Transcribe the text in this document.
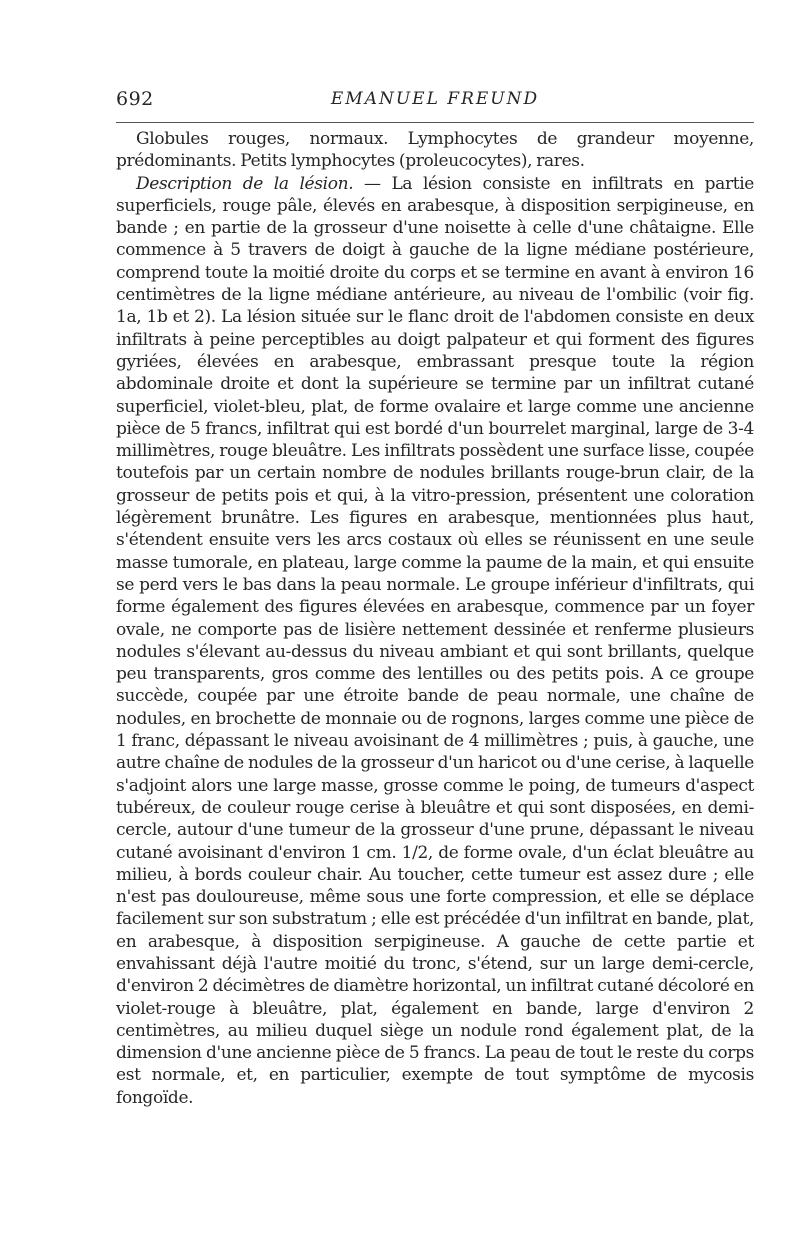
692	EMANUEL FREUND

Globules rouges, normaux. Lymphocytes de grandeur moyenne, prédominants. Petits lymphocytes (proleucocytes), rares.

Description de la lésion. — La lésion consiste en infiltrats en partie superficiels, rouge pâle, élevés en arabesque, à disposition serpigineuse, en bande ; en partie de la grosseur d'une noisette à celle d'une châtaigne. Elle commence à 5 travers de doigt à gauche de la ligne médiane postérieure, comprend toute la moitié droite du corps et se termine en avant à environ 16 centimètres de la ligne médiane antérieure, au niveau de l'ombilic (voir fig. 1a, 1b et 2). La lésion située sur le flanc droit de l'abdomen consiste en deux infiltrats à peine perceptibles au doigt palpateur et qui forment des figures gyriées, élevées en arabesque, embrassant presque toute la région abdominale droite et dont la supérieure se termine par un infiltrat cutané superficiel, violet-bleu, plat, de forme ovalaire et large comme une ancienne pièce de 5 francs, infiltrat qui est bordé d'un bourrelet marginal, large de 3-4 millimètres, rouge bleuâtre. Les infiltrats possèdent une surface lisse, coupée toutefois par un certain nombre de nodules brillants rouge-brun clair, de la grosseur de petits pois et qui, à la vitro-pression, présentent une coloration légèrement brunâtre. Les figures en arabesque, mentionnées plus haut, s'étendent ensuite vers les arcs costaux où elles se réunissent en une seule masse tumorale, en plateau, large comme la paume de la main, et qui ensuite se perd vers le bas dans la peau normale. Le groupe inférieur d'infiltrats, qui forme également des figures élevées en arabesque, commence par un foyer ovale, ne comporte pas de lisière nettement dessinée et renferme plusieurs nodules s'élevant au-dessus du niveau ambiant et qui sont brillants, quelque peu transparents, gros comme des lentilles ou des petits pois. A ce groupe succède, coupée par une étroite bande de peau normale, une chaîne de nodules, en brochette de monnaie ou de rognons, larges comme une pièce de 1 franc, dépassant le niveau avoisinant de 4 millimètres ; puis, à gauche, une autre chaîne de nodules de la grosseur d'un haricot ou d'une cerise, à laquelle s'adjoint alors une large masse, grosse comme le poing, de tumeurs d'aspect tubéreux, de couleur rouge cerise à bleuâtre et qui sont disposées, en demi-cercle, autour d'une tumeur de la grosseur d'une prune, dépassant le niveau cutané avoisinant d'environ 1 cm. 1/2, de forme ovale, d'un éclat bleuâtre au milieu, à bords couleur chair. Au toucher, cette tumeur est assez dure ; elle n'est pas douloureuse, même sous une forte compression, et elle se déplace facilement sur son substratum ; elle est précédée d'un infiltrat en bande, plat, en arabesque, à disposition serpigineuse. A gauche de cette partie et envahissant déjà l'autre moitié du tronc, s'étend, sur un large demi-cercle, d'environ 2 décimètres de diamètre horizontal, un infiltrat cutané décoloré en violet-rouge à bleuâtre, plat, également en bande, large d'environ 2 centimètres, au milieu duquel siège un nodule rond également plat, de la dimension d'une ancienne pièce de 5 francs. La peau de tout le reste du corps est normale, et, en particulier, exempte de tout symptôme de mycosis fongoïde.
